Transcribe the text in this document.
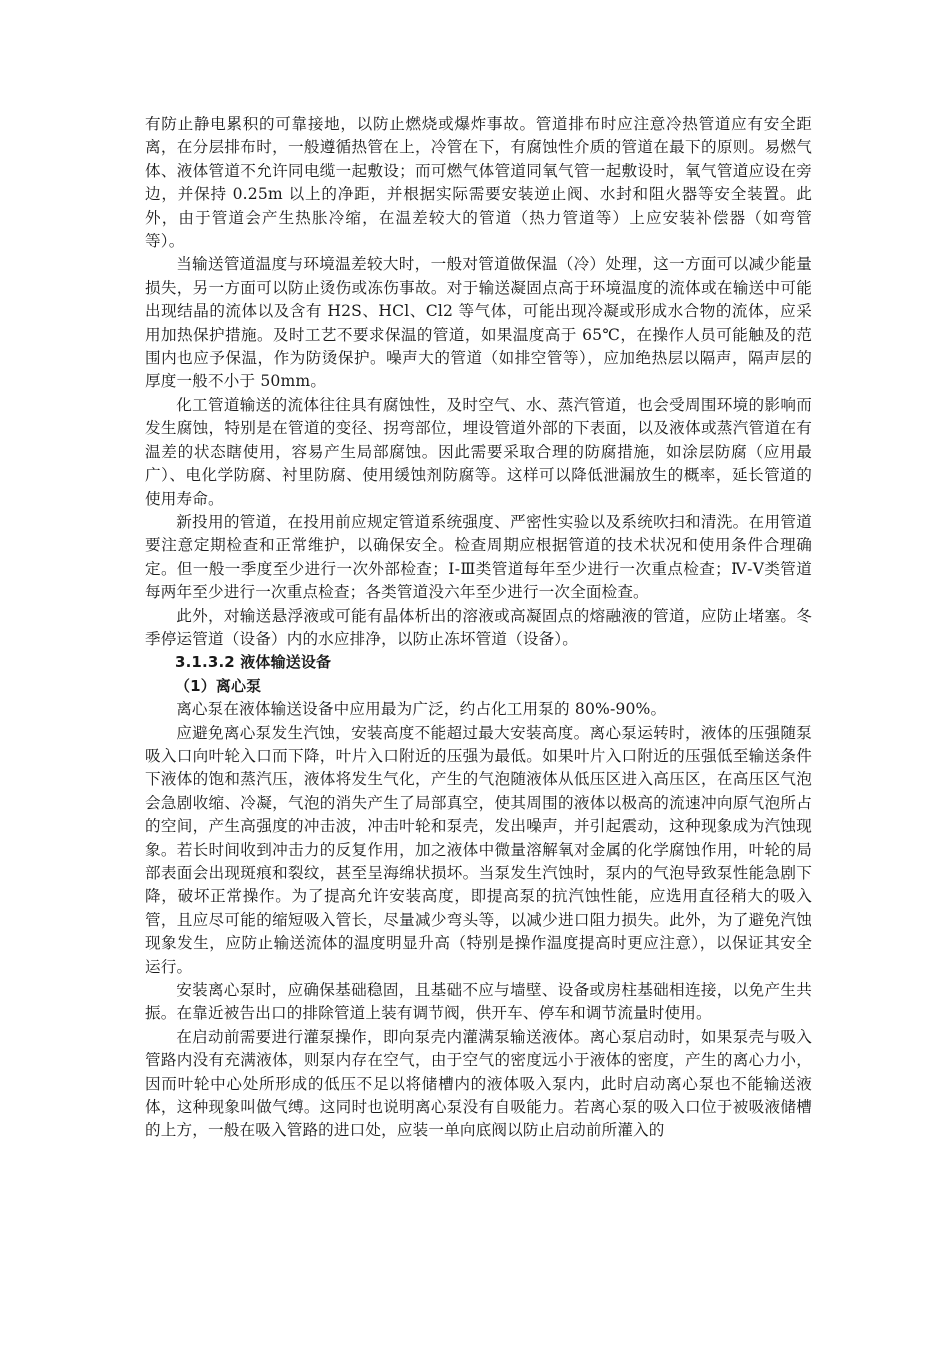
有防止静电累积的可靠接地，以防止燃烧或爆炸事故。管道排布时应注意冷热管道应有安全距离，在分层排布时，一般遵循热管在上，冷管在下，有腐蚀性介质的管道在最下的原则。易燃气体、液体管道不允许同电缆一起敷设；而可燃气体管道同氧气管一起敷设时，氧气管道应设在旁边，并保持 0.25m 以上的净距，并根据实际需要安装逆止阀、水封和阻火器等安全装置。此外，由于管道会产生热胀冷缩，在温差较大的管道（热力管道等）上应安装补偿器（如弯管等）。

当输送管道温度与环境温差较大时，一般对管道做保温（冷）处理，这一方面可以减少能量损失，另一方面可以防止烫伤或冻伤事故。对于输送凝固点高于环境温度的流体或在输送中可能出现结晶的流体以及含有 H2S、HCl、Cl2 等气体，可能出现冷凝或形成水合物的流体，应采用加热保护措施。及时工艺不要求保温的管道，如果温度高于 65℃，在操作人员可能触及的范围内也应予保温，作为防烫保护。噪声大的管道（如排空管等），应加绝热层以隔声，隔声层的厚度一般不小于 50mm。

化工管道输送的流体往往具有腐蚀性，及时空气、水、蒸汽管道，也会受周围环境的影响而发生腐蚀，特别是在管道的变径、拐弯部位，埋设管道外部的下表面，以及液体或蒸汽管道在有温差的状态瞎使用，容易产生局部腐蚀。因此需要采取合理的防腐措施，如涂层防腐（应用最广）、电化学防腐、衬里防腐、使用缓蚀剂防腐等。这样可以降低泄漏放生的概率，延长管道的使用寿命。

新投用的管道，在投用前应规定管道系统强度、严密性实验以及系统吹扫和清洗。在用管道要注意定期检查和正常维护，以确保安全。检查周期应根据管道的技术状况和使用条件合理确定。但一般一季度至少进行一次外部检查；Ⅰ-Ⅲ类管道每年至少进行一次重点检查；Ⅳ-Ⅴ类管道每两年至少进行一次重点检查；各类管道没六年至少进行一次全面检查。

此外，对输送悬浮液或可能有晶体析出的溶液或高凝固点的熔融液的管道，应防止堵塞。冬季停运管道（设备）内的水应排净，以防止冻坏管道（设备）。

3.1.3.2 液体输送设备

（1）离心泵

离心泵在液体输送设备中应用最为广泛，约占化工用泵的 80%-90%。

应避免离心泵发生汽蚀，安装高度不能超过最大安装高度。离心泵运转时，液体的压强随泵吸入口向叶轮入口而下降，叶片入口附近的压强为最低。如果叶片入口附近的压强低至输送条件下液体的饱和蒸汽压，液体将发生气化，产生的气泡随液体从低压区进入高压区，在高压区气泡会急剧收缩、冷凝，气泡的消失产生了局部真空，使其周围的液体以极高的流速冲向原气泡所占的空间，产生高强度的冲击波，冲击叶轮和泵壳，发出噪声，并引起震动，这种现象成为汽蚀现象。若长时间收到冲击力的反复作用，加之液体中微量溶解氧对金属的化学腐蚀作用，叶轮的局部表面会出现斑痕和裂纹，甚至呈海绵状损坏。当泵发生汽蚀时，泵内的气泡导致泵性能急剧下降，破坏正常操作。为了提高允许安装高度，即提高泵的抗汽蚀性能，应选用直径稍大的吸入管，且应尽可能的缩短吸入管长，尽量减少弯头等，以减少进口阻力损失。此外，为了避免汽蚀现象发生，应防止输送流体的温度明显升高（特别是操作温度提高时更应注意），以保证其安全运行。

安装离心泵时，应确保基础稳固，且基础不应与墙壁、设备或房柱基础相连接，以免产生共振。在靠近被告出口的排除管道上装有调节阀，供开车、停车和调节流量时使用。

在启动前需要进行灌泵操作，即向泵壳内灌满泵输送液体。离心泵启动时，如果泵壳与吸入管路内没有充满液体，则泵内存在空气，由于空气的密度远小于液体的密度，产生的离心力小，因而叶轮中心处所形成的低压不足以将储槽内的液体吸入泵内，此时启动离心泵也不能输送液体，这种现象叫做气缚。这同时也说明离心泵没有自吸能力。若离心泵的吸入口位于被吸液储槽的上方，一般在吸入管路的进口处，应装一单向底阀以防止启动前所灌入的
